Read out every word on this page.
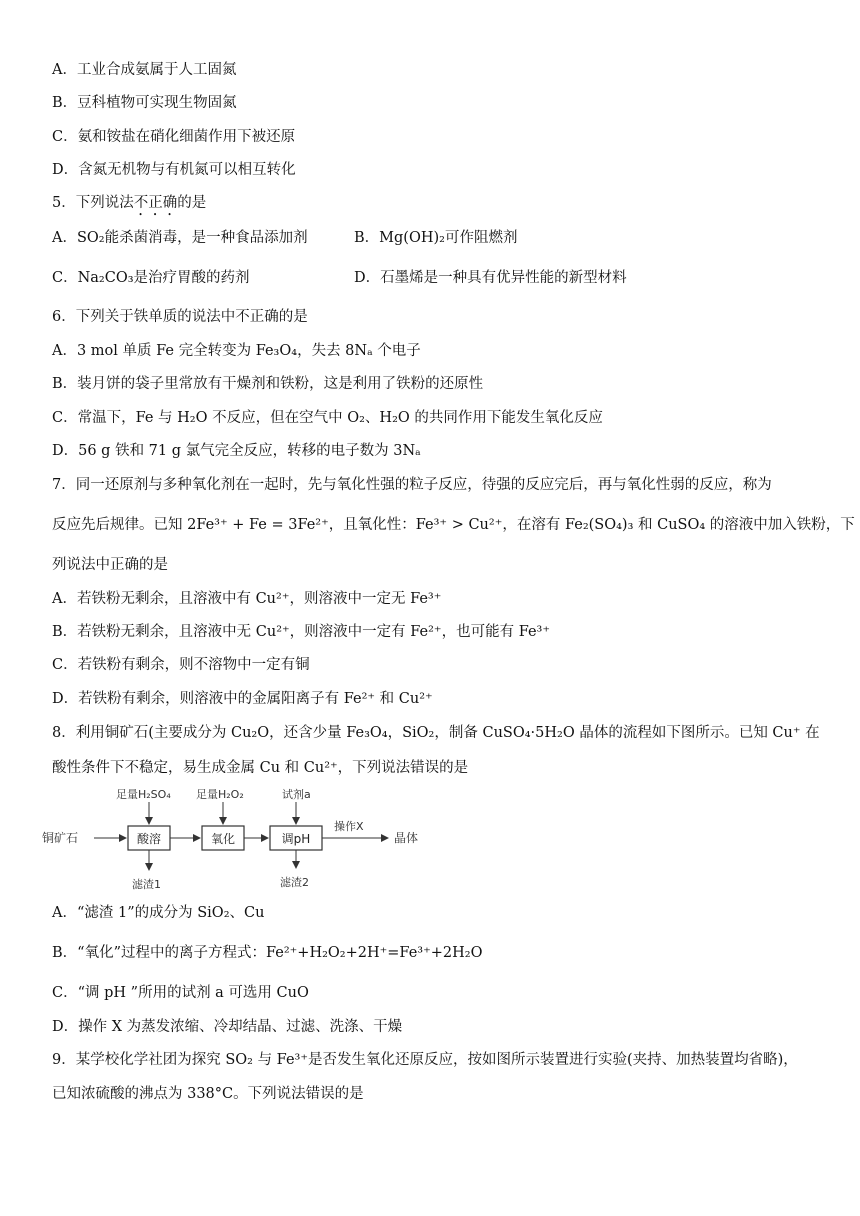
A．工业合成氨属于人工固氮
B．豆科植物可实现生物固氮
C．氨和铵盐在硝化细菌作用下被还原
D．含氮无机物与有机氮可以相互转化
5．下列说法不正确的是
A．SO₂能杀菌消毒，是一种食品添加剂	B．Mg(OH)₂可作阻燃剂
C．Na₂CO₃是治疗胃酸的药剂	D．石墨烯是一种具有优异性能的新型材料
6．下列关于铁单质的说法中不正确的是
A．3 mol 单质 Fe 完全转变为 Fe₃O₄，失去 8Nₐ 个电子
B．装月饼的袋子里常放有干燥剂和铁粉，这是利用了铁粉的还原性
C．常温下，Fe 与 H₂O 不反应，但在空气中 O₂、H₂O 的共同作用下能发生氧化反应
D．56 g 铁和 71 g 氯气完全反应，转移的电子数为 3Nₐ
7．同一还原剂与多种氧化剂在一起时，先与氧化性强的粒子反应，待强的反应完后，再与氧化性弱的反应，称为
反应先后规律。已知 2Fe³⁺ + Fe = 3Fe²⁺，且氧化性：Fe³⁺ > Cu²⁺，在溶有 Fe₂(SO₄)₃ 和 CuSO₄ 的溶液中加入铁粉，下
列说法中正确的是
A．若铁粉无剩余，且溶液中有 Cu²⁺，则溶液中一定无 Fe³⁺
B．若铁粉无剩余，且溶液中无 Cu²⁺，则溶液中一定有 Fe²⁺，也可能有 Fe³⁺
C．若铁粉有剩余，则不溶物中一定有铜
D．若铁粉有剩余，则溶液中的金属阳离子有 Fe²⁺ 和 Cu²⁺
8．利用铜矿石(主要成分为 Cu₂O，还含少量 Fe₃O₄，SiO₂，制备 CuSO₄·5H₂O 晶体的流程如下图所示。已知 Cu⁺ 在
酸性条件下不稳定，易生成金属 Cu 和 Cu²⁺，下列说法错误的是
铜矿石	酸溶
足量H₂SO₄
滤渣1
氧化
足量H₂O₂
调pH
试剂a
滤渣2
操作X
晶体
A．“滤渣 1”的成分为 SiO₂、Cu
B．“氧化”过程中的离子方程式：Fe²⁺+H₂O₂+2H⁺=Fe³⁺+2H₂O
C．“调 pH ”所用的试剂 a 可选用 CuO
D．操作 X 为蒸发浓缩、冷却结晶、过滤、洗涤、干燥
9．某学校化学社团为探究 SO₂ 与 Fe³⁺是否发生氧化还原反应，按如图所示装置进行实验(夹持、加热装置均省略)，
已知浓硫酸的沸点为 338°C。下列说法错误的是
